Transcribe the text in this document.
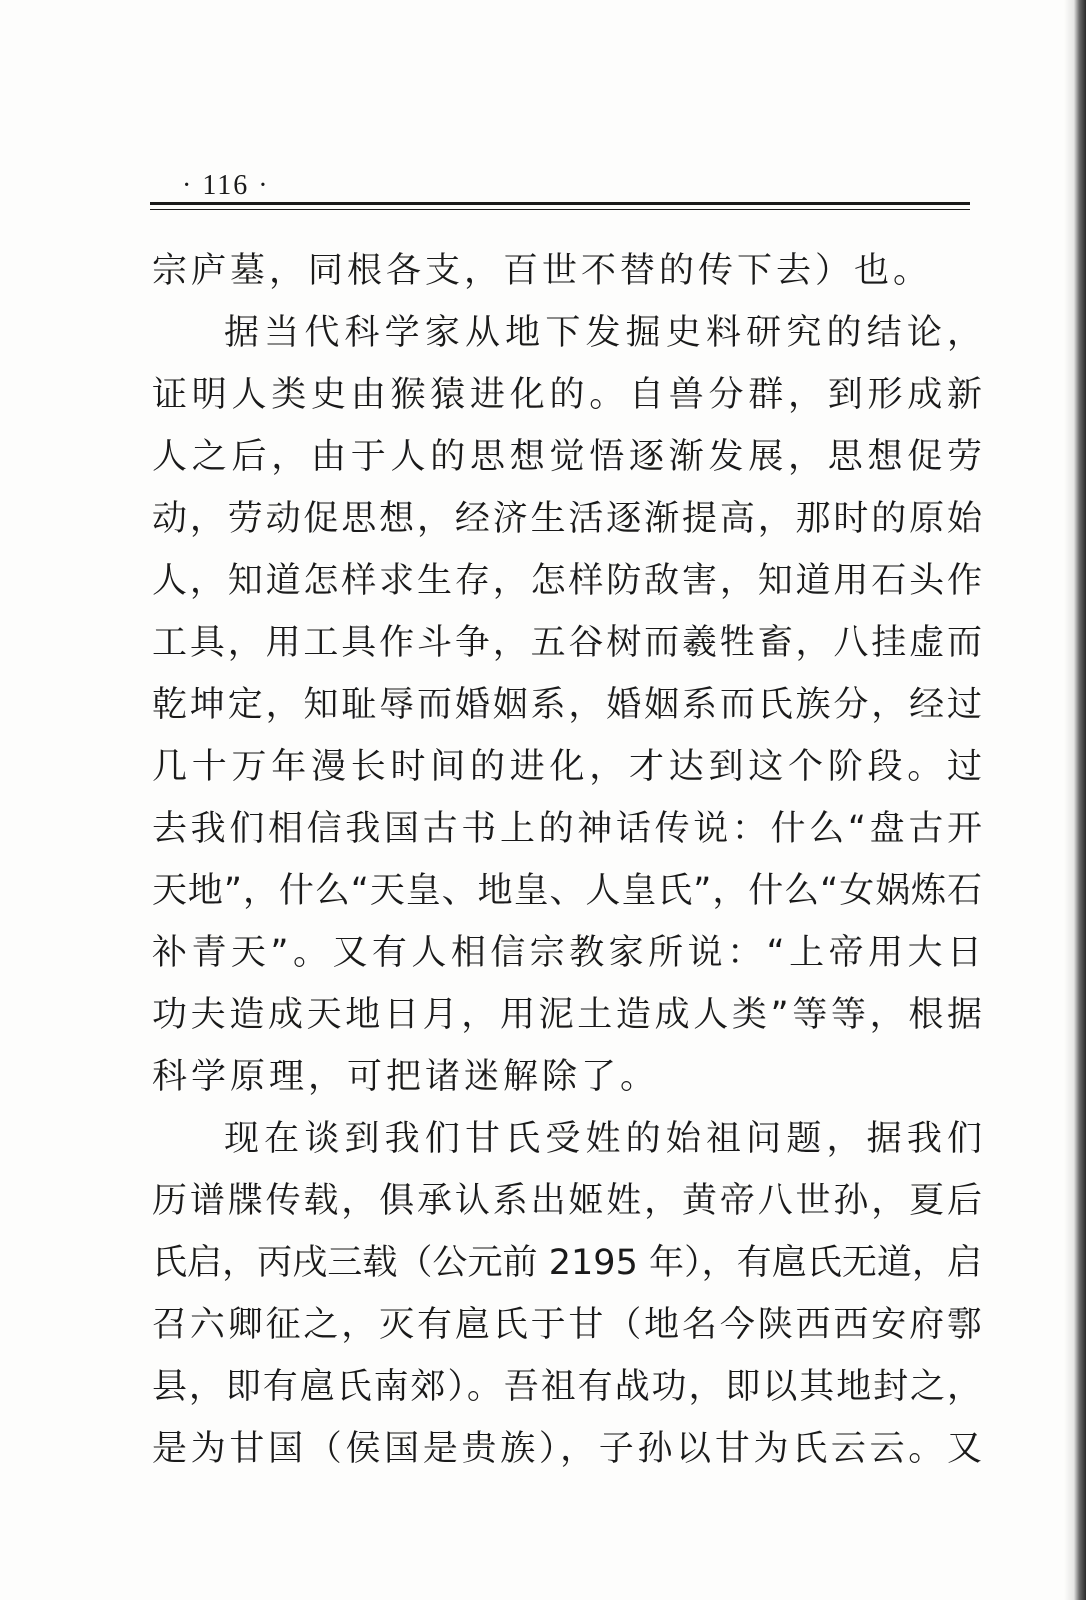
· 116 ·
宗庐墓，同根各支，百世不替的传下去）也。
据当代科学家从地下发掘史料研究的结论，
证明人类史由猴猿进化的。自兽分群，到形成新
人之后，由于人的思想觉悟逐渐发展，思想促劳
动，劳动促思想，经济生活逐渐提高，那时的原始
人，知道怎样求生存，怎样防敌害，知道用石头作
工具，用工具作斗争，五谷树而羲牲畜，八挂虚而
乾坤定，知耻辱而婚姻系，婚姻系而氏族分，经过
几十万年漫长时间的进化，才达到这个阶段。过
去我们相信我国古书上的神话传说：什么“盘古开
天地”，什么“天皇、地皇、人皇氏”，什么“女娲炼石
补青天”。又有人相信宗教家所说：“上帝用大日
功夫造成天地日月，用泥土造成人类”等等，根据
科学原理，可把诸迷解除了。
现在谈到我们甘氏受姓的始祖问题，据我们
历谱牒传载，俱承认系出姬姓，黄帝八世孙，夏后
氏启，丙戌三载（公元前 2195 年），有扈氏无道，启
召六卿征之，灭有扈氏于甘（地名今陕西西安府鄠
县，即有扈氏南郊）。吾祖有战功，即以其地封之，
是为甘国（侯国是贵族），子孙以甘为氏云云。又
